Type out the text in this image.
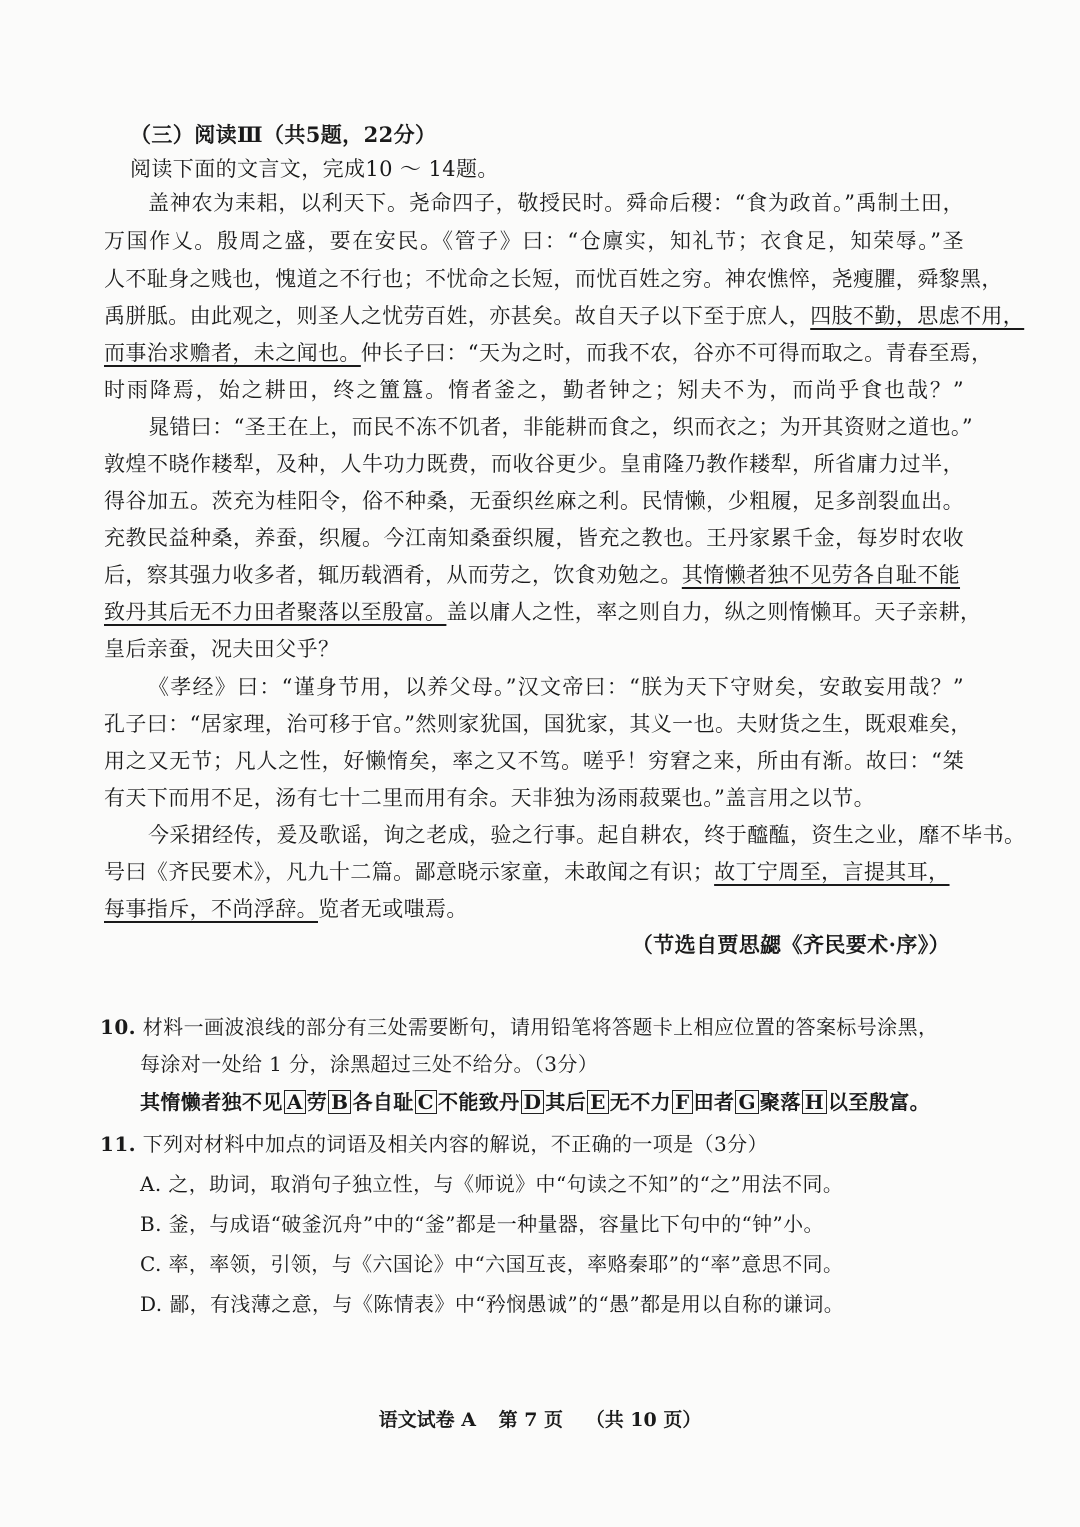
（三）阅读Ⅲ（共5题，22分）
阅读下面的文言文，完成10 ～ 14题。
盖神农为耒耜，以利天下。尧命四子，敬授民时。舜命后稷：“食为政首。”禹制土田，
万国作乂。殷周之盛，要在安民。《管子》曰：“仓廪实，知礼节；衣食足，知荣辱。”圣
人不耻身之贱也，愧道之不行也；不忧命之长短，而忧百姓之穷。神农憔悴，尧瘦臞，舜黎黑，
禹胼胝。由此观之，则圣人之忧劳百姓，亦甚矣。故自天子以下至于庶人，四肢不勤，思虑不用，
而事治求赡者，未之闻也。仲长子曰：“天为之时，而我不农，谷亦不可得而取之。青春至焉，
时雨降焉，始之耕田，终之簠簋。惰者釜之，勤者钟之；矧夫不为，而尚乎食也哉？”
晁错曰：“圣王在上，而民不冻不饥者，非能耕而食之，织而衣之；为开其资财之道也。”
敦煌不晓作耧犁，及种，人牛功力既费，而收谷更少。皇甫隆乃教作耧犁，所省庸力过半，
得谷加五。茨充为桂阳令，俗不种桑，无蚕织丝麻之利。民情懒，少粗履，足多剖裂血出。
充教民益种桑，养蚕，织履。今江南知桑蚕织履，皆充之教也。王丹家累千金，每岁时农收
后，察其强力收多者，辄历载酒肴，从而劳之，饮食劝勉之。其惰懒者独不见劳各自耻不能
致丹其后无不力田者聚落以至殷富。盖以庸人之性，率之则自力，纵之则惰懒耳。天子亲耕，
皇后亲蚕，况夫田父乎？
《孝经》曰：“谨身节用，以养父母。”汉文帝曰：“朕为天下守财矣，安敢妄用哉？”
孔子曰：“居家理，治可移于官。”然则家犹国，国犹家，其义一也。夫财货之生，既艰难矣，
用之又无节；凡人之性，好懒惰矣，率之又不笃。嗟乎！穷窘之来，所由有渐。故曰：“桀
有天下而用不足，汤有七十二里而用有余。天非独为汤雨菽粟也。”盖言用之以节。
今采捃经传，爰及歌谣，询之老成，验之行事。起自耕农，终于醯醢，资生之业，靡不毕书。
号曰《齐民要术》，凡九十二篇。鄙意晓示家童，未敢闻之有识；故丁宁周至，言提其耳，
每事指斥，不尚浮辞。览者无或嗤焉。
（节选自贾思勰《齐民要术·序》）
10. 材料一画波浪线的部分有三处需要断句，请用铅笔将答题卡上相应位置的答案标号涂黑，
每涂对一处给 1 分，涂黑超过三处不给分。（3分）
其惰懒者独不见 A 劳 B 各自耻 C 不能致丹 D 其后 E 无不力 F 田者 G 聚落 H 以至殷富。
11. 下列对材料中加点的词语及相关内容的解说，不正确的一项是（3分）
A. 之，助词，取消句子独立性，与《师说》中“句读之不知”的“之”用法不同。
B. 釜，与成语“破釜沉舟”中的“釜”都是一种量器，容量比下句中的“钟”小。
C. 率，率领，引领，与《六国论》中“六国互丧，率赂秦耶”的“率”意思不同。
D. 鄙，有浅薄之意，与《陈情表》中“矜悯愚诚”的“愚”都是用以自称的谦词。
语文试卷 A 第 7 页 （共 10 页）
